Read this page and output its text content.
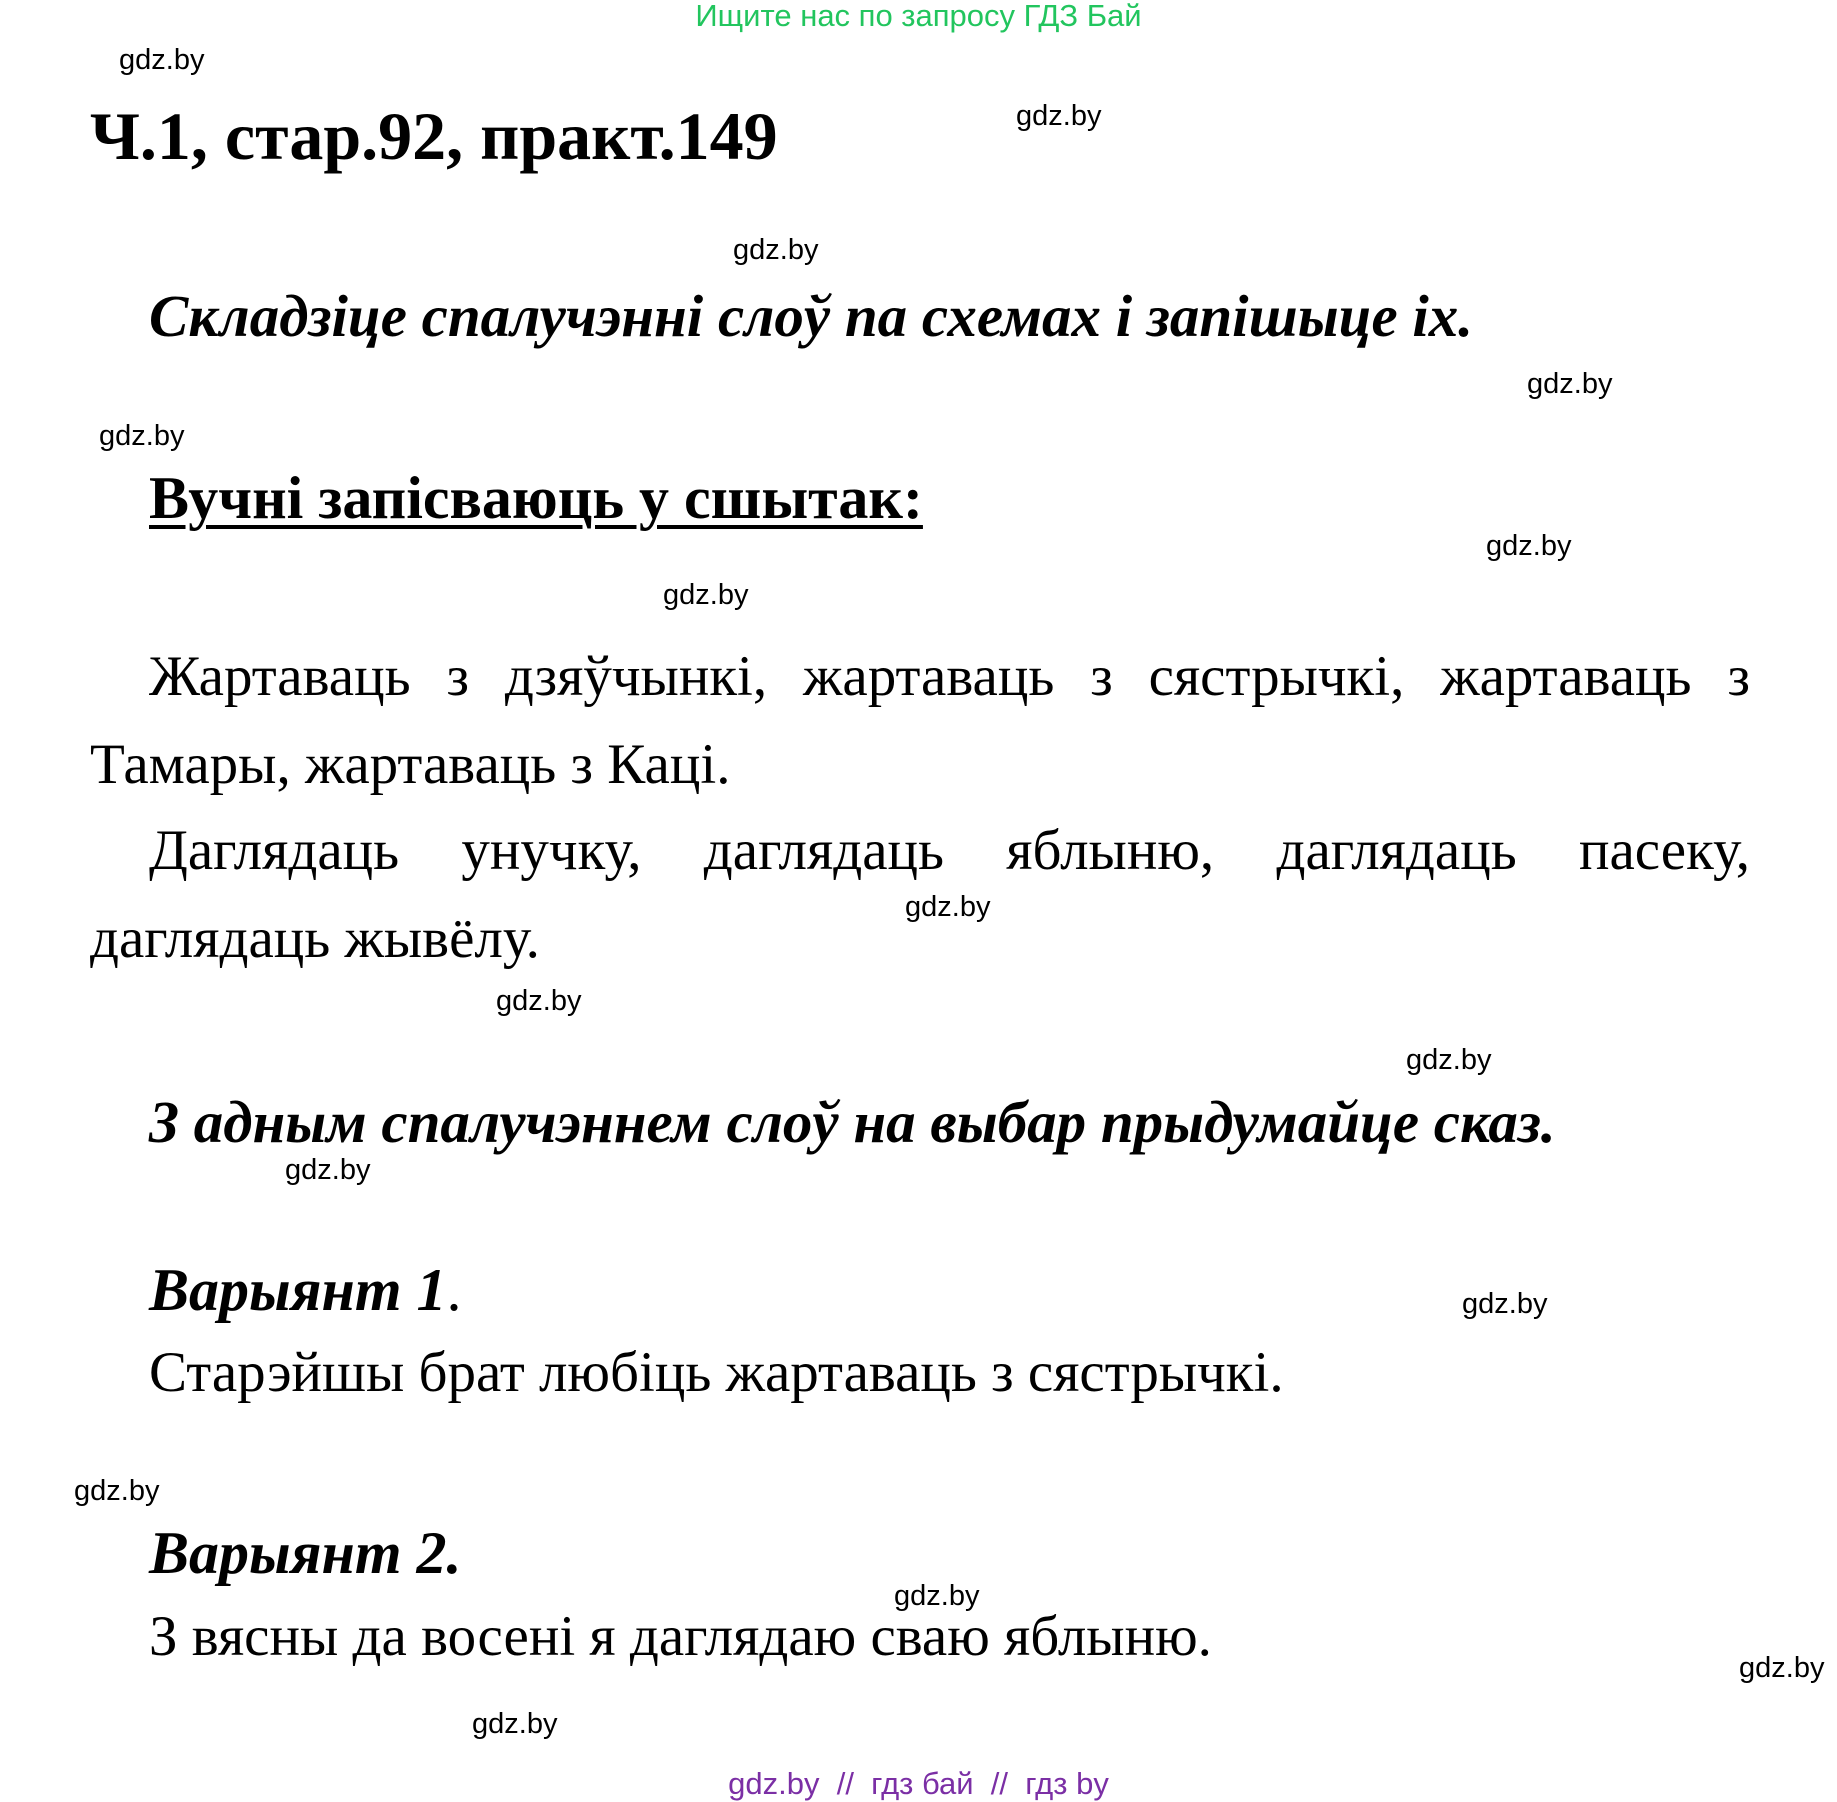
Ищите нас по запросу ГДЗ Бай
Ч.1, стар.92, практ.149
Складзіце спалучэнні слоў па схемах і запішыце іх.
Вучні запісваюць у сшытак:
Жартаваць з дзяўчынкі, жартаваць з сястрычкі, жартаваць з Тамары, жартаваць з Каці.
Даглядаць унучку, даглядаць яблыню, даглядаць пасеку, даглядаць жывёлу.
З адным спалучэннем слоў на выбар прыдумайце сказ.
Варыянт 1.
Старэйшы брат любіць жартаваць з сястрычкі.
Варыянт 2.
З вясны да восені я даглядаю сваю яблыню.
gdz.by
gdz.by
gdz.by
gdz.by
gdz.by
gdz.by
gdz.by
gdz.by
gdz.by
gdz.by
gdz.by
gdz.by
gdz.by
gdz.by
gdz.by
gdz.by
gdz.by  //  гдз бай  //  гдз by
